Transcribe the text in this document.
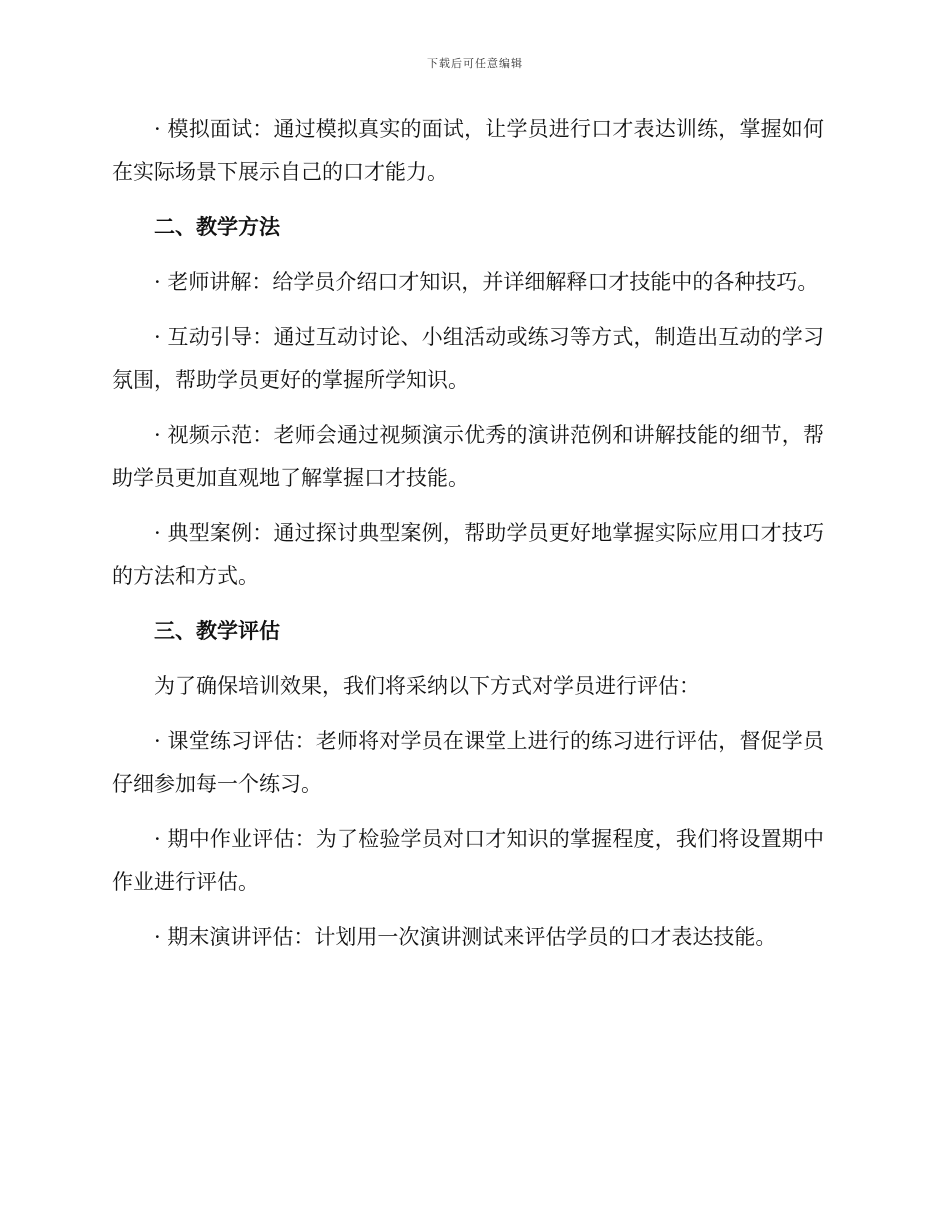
下载后可任意编辑

· 模拟面试：通过模拟真实的面试，让学员进行口才表达训练，掌握如何在实际场景下展示自己的口才能力。

二、教学方法

· 老师讲解：给学员介绍口才知识，并详细解释口才技能中的各种技巧。

· 互动引导：通过互动讨论、小组活动或练习等方式，制造出互动的学习氛围，帮助学员更好的掌握所学知识。

· 视频示范：老师会通过视频演示优秀的演讲范例和讲解技能的细节，帮助学员更加直观地了解掌握口才技能。

· 典型案例：通过探讨典型案例，帮助学员更好地掌握实际应用口才技巧的方法和方式。

三、教学评估

为了确保培训效果，我们将采纳以下方式对学员进行评估：

· 课堂练习评估：老师将对学员在课堂上进行的练习进行评估，督促学员仔细参加每一个练习。

· 期中作业评估：为了检验学员对口才知识的掌握程度，我们将设置期中作业进行评估。

· 期末演讲评估：计划用一次演讲测试来评估学员的口才表达技能。
